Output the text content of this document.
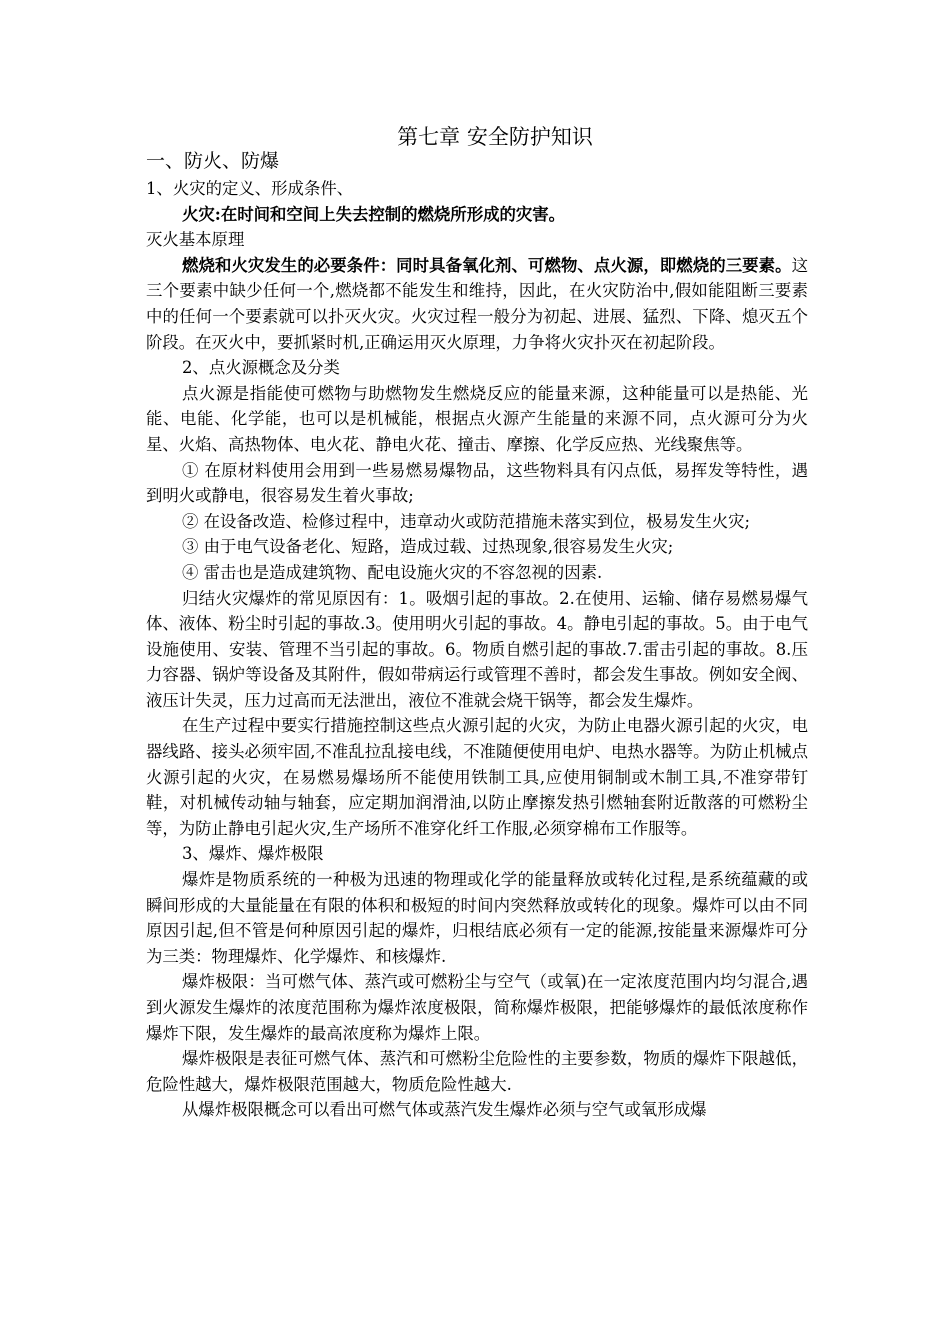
第七章 安全防护知识
一、防火、防爆

1、火灾的定义、形成条件、

火灾:在时间和空间上失去控制的燃烧所形成的灾害。

灭火基本原理

燃烧和火灾发生的必要条件：同时具备氧化剂、可燃物、点火源，即燃烧的三要素。这三个要素中缺少任何一个,燃烧都不能发生和维持，因此，在火灾防治中,假如能阻断三要素中的任何一个要素就可以扑灭火灾。火灾过程一般分为初起、进展、猛烈、下降、熄灭五个阶段。在灭火中，要抓紧时机,正确运用灭火原理，力争将火灾扑灭在初起阶段。

2、点火源概念及分类

点火源是指能使可燃物与助燃物发生燃烧反应的能量来源，这种能量可以是热能、光能、电能、化学能，也可以是机械能，根据点火源产生能量的来源不同，点火源可分为火星、火焰、高热物体、电火花、静电火花、撞击、摩擦、化学反应热、光线聚焦等。

① 在原材料使用会用到一些易燃易爆物品，这些物料具有闪点低，易挥发等特性，遇到明火或静电，很容易发生着火事故;

② 在设备改造、检修过程中，违章动火或防范措施未落实到位，极易发生火灾;

③ 由于电气设备老化、短路，造成过载、过热现象,很容易发生火灾;

④ 雷击也是造成建筑物、配电设施火灾的不容忽视的因素.

归结火灾爆炸的常见原因有：1。吸烟引起的事故。2.在使用、运输、储存易燃易爆气体、液体、粉尘时引起的事故.3。使用明火引起的事故。4。静电引起的事故。5。由于电气设施使用、安装、管理不当引起的事故。6。物质自燃引起的事故.7.雷击引起的事故。8.压力容器、锅炉等设备及其附件，假如带病运行或管理不善时，都会发生事故。例如安全阀、液压计失灵，压力过高而无法泄出，液位不准就会烧干锅等，都会发生爆炸。

在生产过程中要实行措施控制这些点火源引起的火灾，为防止电器火源引起的火灾，电器线路、接头必须牢固,不准乱拉乱接电线，不准随便使用电炉、电热水器等。为防止机械点火源引起的火灾，在易燃易爆场所不能使用铁制工具,应使用铜制或木制工具,不准穿带钉鞋，对机械传动轴与轴套，应定期加润滑油,以防止摩擦发热引燃轴套附近散落的可燃粉尘等，为防止静电引起火灾,生产场所不准穿化纤工作服,必须穿棉布工作服等。

3、爆炸、爆炸极限

爆炸是物质系统的一种极为迅速的物理或化学的能量释放或转化过程,是系统蕴藏的或瞬间形成的大量能量在有限的体积和极短的时间内突然释放或转化的现象。爆炸可以由不同原因引起,但不管是何种原因引起的爆炸，归根结底必须有一定的能源,按能量来源爆炸可分为三类：物理爆炸、化学爆炸、和核爆炸.

爆炸极限：当可燃气体、蒸汽或可燃粉尘与空气（或氧)在一定浓度范围内均匀混合,遇到火源发生爆炸的浓度范围称为爆炸浓度极限，简称爆炸极限，把能够爆炸的最低浓度称作爆炸下限，发生爆炸的最高浓度称为爆炸上限。

爆炸极限是表征可燃气体、蒸汽和可燃粉尘危险性的主要参数，物质的爆炸下限越低，危险性越大，爆炸极限范围越大，物质危险性越大.

从爆炸极限概念可以看出可燃气体或蒸汽发生爆炸必须与空气或氧形成爆
